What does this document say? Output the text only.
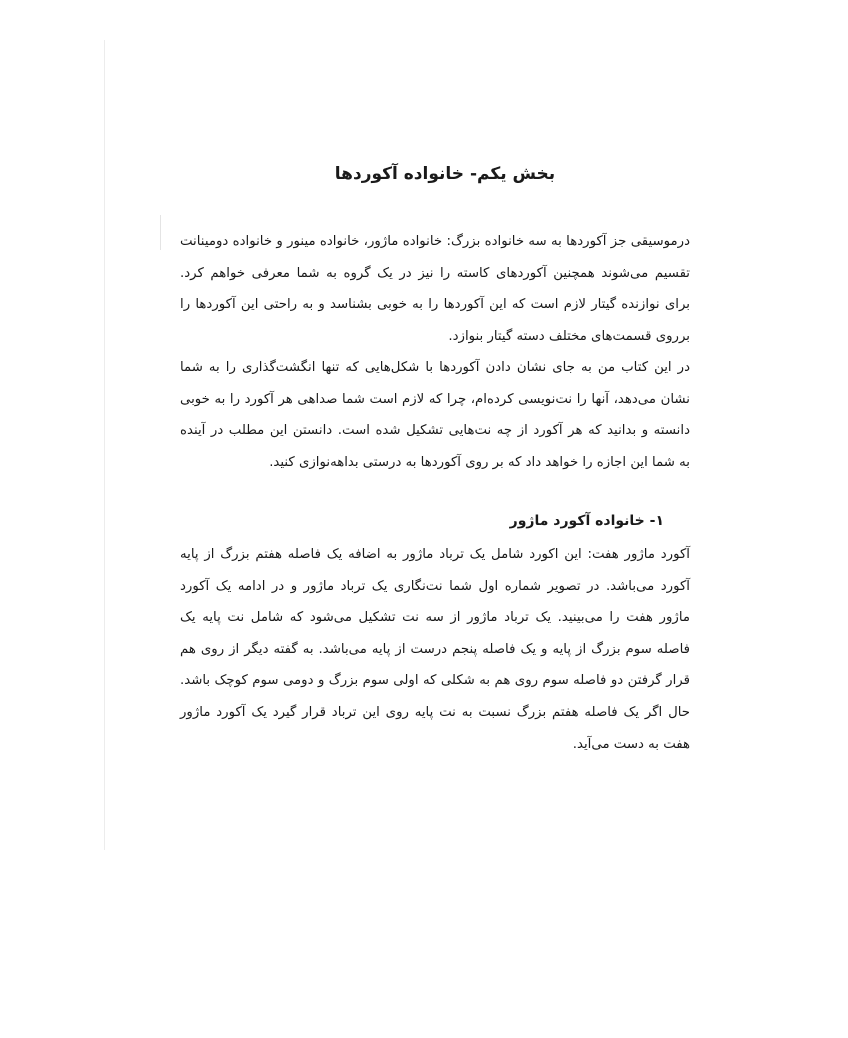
بخش یکم- خانواده آکوردها
درموسیقی جز آکوردها به سه خانواده بزرگ: خانواده ماژور، خانواده مینور و خانواده دومینانت
تقسیم می‌شوند همچنین آکوردهای کاسته را نیز در یک گروه به شما معرفی خواهم کرد.
برای نوازنده گیتار لازم است که این آکوردها را به خوبی بشناسد و به راحتی این آکوردها را
برروی قسمت‌های مختلف دسته گیتار بنوازد.
در این کتاب من به جای نشان دادن آکوردها با شکل‌هایی که تنها انگشت‌گذاری را به شما
نشان می‌دهد، آنها را نت‌نویسی کرده‌ام، چرا که لازم است شما صداهی هر آکورد را به خوبی
دانسته و بدانید که هر آکورد از چه نت‌هایی تشکیل شده است. دانستن این مطلب در آینده
به شما این اجازه را خواهد داد که بر روی آکوردها به درستی بداهه‌نوازی کنید.
۱- خانواده آکورد ماژور
آکورد ماژور هفت: این اکورد شامل یک ترباد ماژور به اضافه یک فاصله هفتم بزرگ از پایه
آکورد می‌باشد. در تصویر شماره اول شما نت‌نگاری یک ترباد ماژور و در ادامه یک آکورد
ماژور هفت را می‌بینید. یک ترباد ماژور از سه نت تشکیل می‌شود که شامل نت پایه یک
فاصله سوم بزرگ از پایه و یک فاصله پنجم درست از پایه می‌باشد. به گفته دیگر از روی هم
قرار گرفتن دو فاصله سوم روی هم به شکلی که اولی سوم بزرگ و دومی سوم کوچک باشد.
حال اگر یک فاصله هفتم بزرگ نسبت به نت پایه روی این ترباد قرار گیرد یک آکورد ماژور
هفت به دست می‌آید.
